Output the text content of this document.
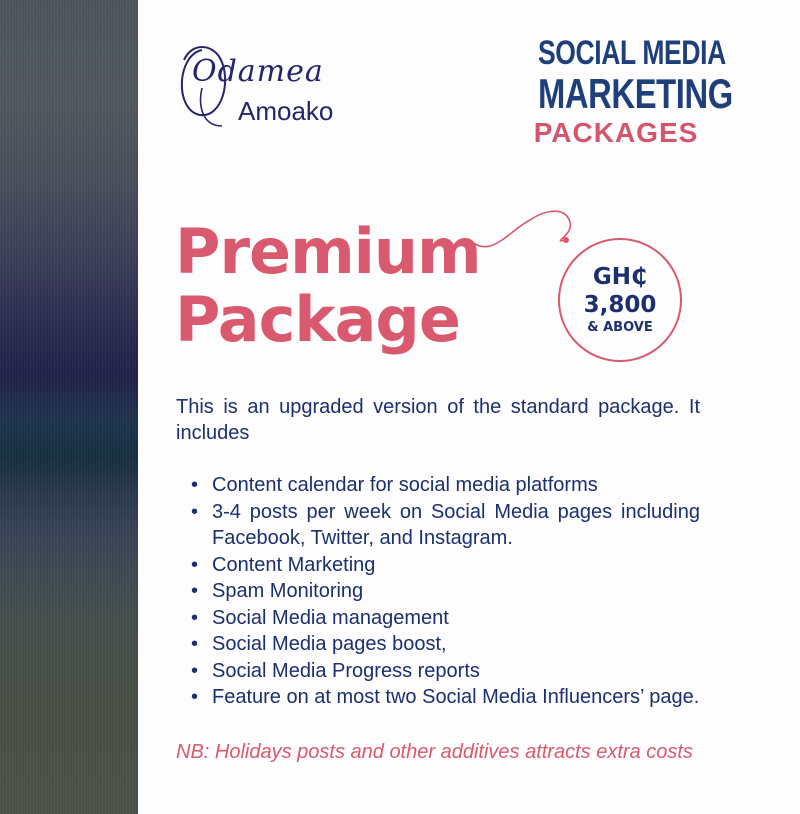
Odamea
Amoako
SOCIAL MEDIA
MARKETING
PACKAGES
Premium
Package
GH₵
3,800
& ABOVE

This is an upgraded version of the standard package. It includes

• Content calendar for social media platforms
• 3-4 posts per week on Social Media pages including Facebook, Twitter, and Instagram.
• Content Marketing
• Spam Monitoring
• Social Media management
• Social Media pages boost,
• Social Media Progress reports
• Feature on at most two Social Media Influencers’ page.

NB: Holidays posts and other additives attracts extra costs
